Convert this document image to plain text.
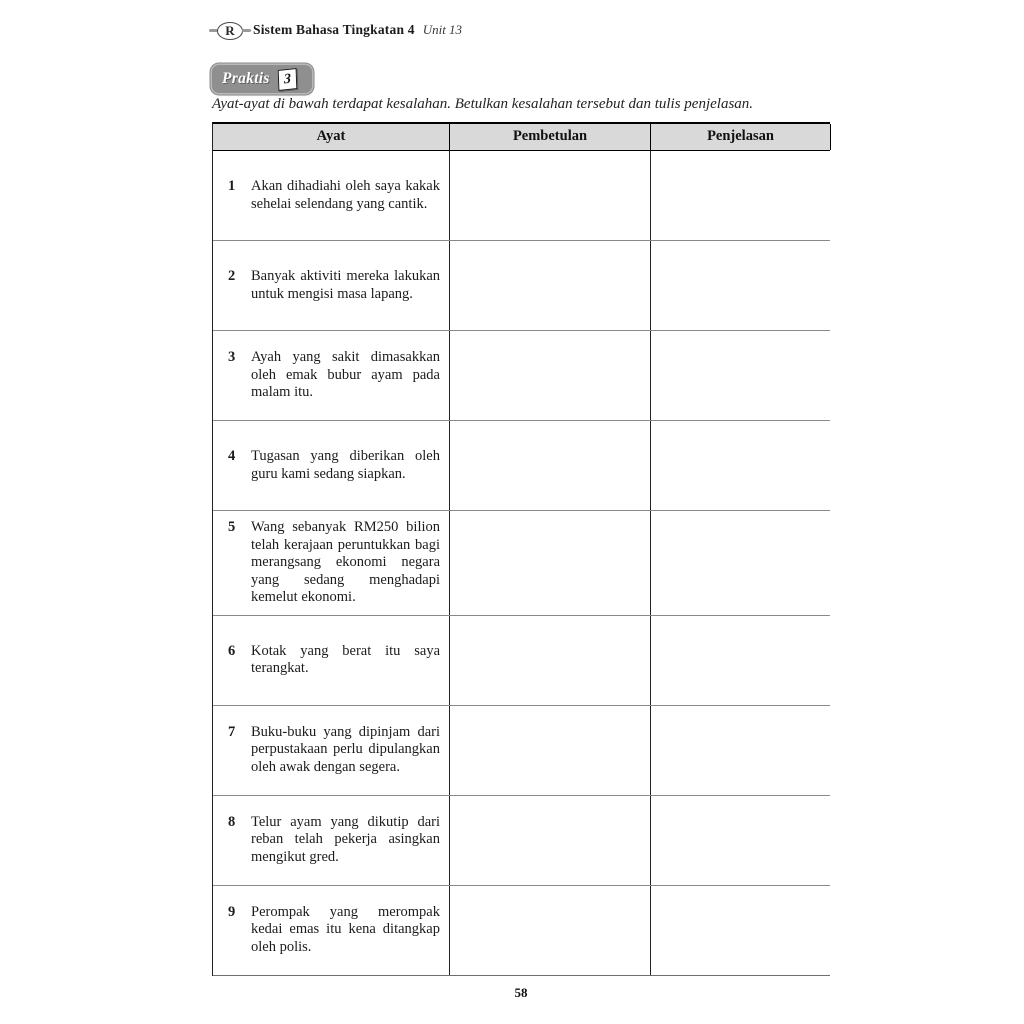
R Sistem Bahasa Tingkatan 4 Unit 13
Praktis 3
Ayat-ayat di bawah terdapat kesalahan. Betulkan kesalahan tersebut dan tulis penjelasan.
Ayat	Pembetulan	Penjelasan
1	Akan dihadiahi oleh saya kakak sehelai selendang yang cantik.
2	Banyak aktiviti mereka lakukan untuk mengisi masa lapang.
3	Ayah yang sakit dimasakkan oleh emak bubur ayam pada malam itu.
4	Tugasan yang diberikan oleh guru kami sedang siapkan.
5	Wang sebanyak RM250 bilion telah kerajaan peruntukkan bagi merangsang ekonomi negara yang sedang menghadapi kemelut ekonomi.
6	Kotak yang berat itu saya terangkat.
7	Buku-buku yang dipinjam dari perpustakaan perlu dipulangkan oleh awak dengan segera.
8	Telur ayam yang dikutip dari reban telah pekerja asingkan mengikut gred.
9	Perompak yang merompak kedai emas itu kena ditangkap oleh polis.
58
